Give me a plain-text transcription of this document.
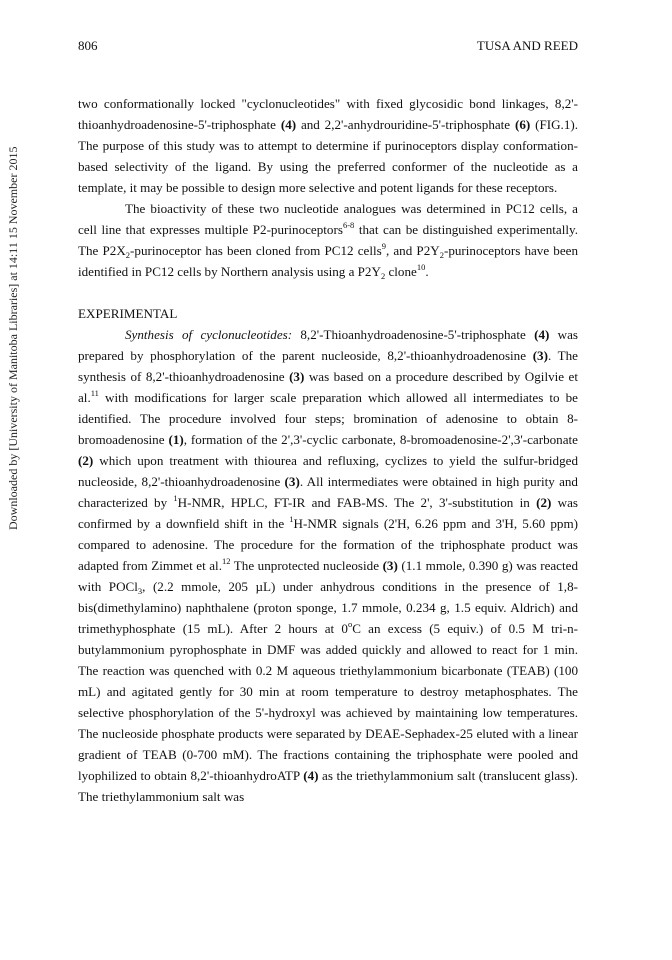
806	TUSA AND REED
Downloaded by [University of Manitoba Libraries] at 14:11 15 November 2015

two conformationally locked "cyclonucleotides" with fixed glycosidic bond linkages, 8,2'-thioanhydroadenosine-5'-triphosphate (4) and 2,2'-anhydrouridine-5'-triphosphate (6) (FIG.1). The purpose of this study was to attempt to determine if purinoceptors display conformation-based selectivity of the ligand. By using the preferred conformer of the nucleotide as a template, it may be possible to design more selective and potent ligands for these receptors.

The bioactivity of these two nucleotide analogues was determined in PC12 cells, a cell line that expresses multiple P2-purinoceptors$^{6-8}$ that can be distinguished experimentally. The $P2X_2$-purinoceptor has been cloned from PC12 cells$^9$, and $P2Y_2$-purinoceptors have been identified in PC12 cells by Northern analysis using a $P2Y_2$ clone$^{10}$.

EXPERIMENTAL

Synthesis of cyclonucleotides: 8,2'-Thioanhydroadenosine-5'-triphosphate (4) was prepared by phosphorylation of the parent nucleoside, 8,2'-thioanhydroadenosine (3). The synthesis of 8,2'-thioanhydroadenosine (3) was based on a procedure described by Ogilvie et al.$^{11}$ with modifications for larger scale preparation which allowed all intermediates to be identified. The procedure involved four steps; bromination of adenosine to obtain 8-bromoadenosine (1), formation of the 2',3'-cyclic carbonate, 8-bromoadenosine-2',3'-carbonate (2) which upon treatment with thiourea and refluxing, cyclizes to yield the sulfur-bridged nucleoside, 8,2'-thioanhydroadenosine (3). All intermediates were obtained in high purity and characterized by $^1$H-NMR, HPLC, FT-IR and FAB-MS. The 2', 3'-substitution in (2) was confirmed by a downfield shift in the $^1$H-NMR signals (2'H, 6.26 ppm and 3'H, 5.60 ppm) compared to adenosine. The procedure for the formation of the triphosphate product was adapted from Zimmet et al.$^{12}$ The unprotected nucleoside (3) (1.1 mmole, 0.390 g) was reacted with POCl$_3$, (2.2 mmole, 205 µL) under anhydrous conditions in the presence of 1,8-bis(dimethylamino) naphthalene (proton sponge, 1.7 mmole, 0.234 g, 1.5 equiv. Aldrich) and trimethyphosphate (15 mL). After 2 hours at 0$^o$C an excess (5 equiv.) of 0.5 M tri-n-butylammonium pyrophosphate in DMF was added quickly and allowed to react for 1 min. The reaction was quenched with 0.2 M aqueous triethylammonium bicarbonate (TEAB) (100 mL) and agitated gently for 30 min at room temperature to destroy metaphosphates. The selective phosphorylation of the 5'-hydroxyl was achieved by maintaining low temperatures. The nucleoside phosphate products were separated by DEAE-Sephadex-25 eluted with a linear gradient of TEAB (0-700 mM). The fractions containing the triphosphate were pooled and lyophilized to obtain 8,2'-thioanhydroATP (4) as the triethylammonium salt (translucent glass). The triethylammonium salt was
